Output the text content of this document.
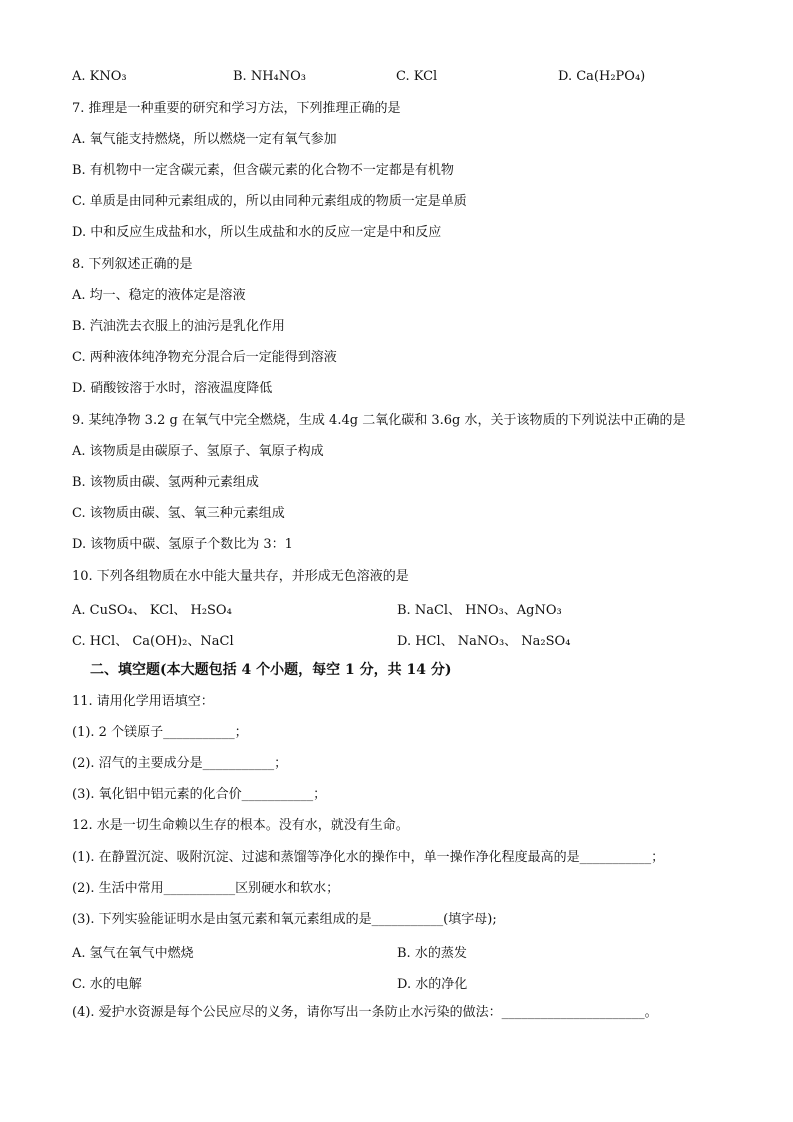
A. KNO₃	B. NH₄NO₃	C. KCl	D. Ca(H₂PO₄)
7. 推理是一种重要的研究和学习方法，下列推理正确的是
A. 氧气能支持燃烧，所以燃烧一定有氧气参加
B. 有机物中一定含碳元素，但含碳元素的化合物不一定都是有机物
C. 单质是由同种元素组成的，所以由同种元素组成的物质一定是单质
D. 中和反应生成盐和水，所以生成盐和水的反应一定是中和反应
8. 下列叙述正确的是
A. 均一、稳定的液体定是溶液
B. 汽油洗去衣服上的油污是乳化作用
C. 两种液体纯净物充分混合后一定能得到溶液
D. 硝酸铵溶于水时，溶液温度降低
9. 某纯净物 3.2 g 在氧气中完全燃烧，生成 4.4g 二氧化碳和 3.6g 水，关于该物质的下列说法中正确的是
A. 该物质是由碳原子、氢原子、氧原子构成
B. 该物质由碳、氢两种元素组成
C. 该物质由碳、氢、氧三种元素组成
D. 该物质中碳、氢原子个数比为 3：1
10. 下列各组物质在水中能大量共存，并形成无色溶液的是
A. CuSO₄、 KCl、 H₂SO₄	B. NaCl、 HNO₃、AgNO₃
C. HCl、 Ca(OH)₂、NaCl	D. HCl、 NaNO₃、 Na₂SO₄
二、填空题(本大题包括 4 个小题，每空 1 分，共 14 分)
11. 请用化学用语填空：
(1). 2 个镁原子___________；
(2). 沼气的主要成分是___________；
(3). 氧化铝中铝元素的化合价___________；
12. 水是一切生命赖以生存的根本。没有水，就没有生命。
(1). 在静置沉淀、吸附沉淀、过滤和蒸馏等净化水的操作中，单一操作净化程度最高的是___________；
(2). 生活中常用___________区别硬水和软水；
(3). 下列实验能证明水是由氢元素和氧元素组成的是___________(填字母);
A. 氢气在氧气中燃烧	B. 水的蒸发
C. 水的电解	D. 水的净化
(4). 爱护水资源是每个公民应尽的义务，请你写出一条防止水污染的做法：______________________。
